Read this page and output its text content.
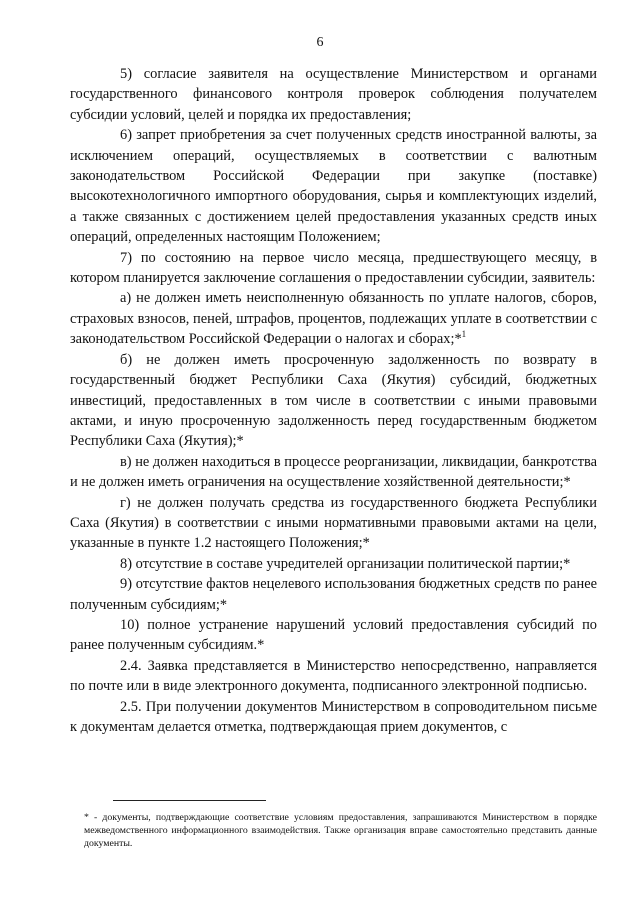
6

5) согласие заявителя на осуществление Министерством и органами государственного финансового контроля проверок соблюдения получателем субсидии условий, целей и порядка их предоставления;

6) запрет приобретения за счет полученных средств иностранной валюты, за исключением операций, осуществляемых в соответствии с валютным законодательством Российской Федерации при закупке (поставке) высокотехнологичного импортного оборудования, сырья и комплектующих изделий, а также связанных с достижением целей предоставления указанных средств иных операций, определенных настоящим Положением;

7) по состоянию на первое число месяца, предшествующего месяцу, в котором планируется заключение соглашения о предоставлении субсидии, заявитель:

а) не должен иметь неисполненную обязанность по уплате налогов, сборов, страховых взносов, пеней, штрафов, процентов, подлежащих уплате в соответствии с законодательством Российской Федерации о налогах и сборах;*$^1$

б) не должен иметь просроченную задолженность по возврату в государственный бюджет Республики Саха (Якутия) субсидий, бюджетных инвестиций, предоставленных в том числе в соответствии с иными правовыми актами, и иную просроченную задолженность перед государственным бюджетом Республики Саха (Якутия);*

в) не должен находиться в процессе реорганизации, ликвидации, банкротства и не должен иметь ограничения на осуществление хозяйственной деятельности;*

г) не должен получать средства из государственного бюджета Республики Саха (Якутия) в соответствии с иными нормативными правовыми актами на цели, указанные в пункте 1.2 настоящего Положения;*

8) отсутствие в составе учредителей организации политической партии;*

9) отсутствие фактов нецелевого использования бюджетных средств по ранее полученным субсидиям;*

10) полное устранение нарушений условий предоставления субсидий по ранее полученным субсидиям.*

2.4. Заявка представляется в Министерство непосредственно, направляется по почте или в виде электронного документа, подписанного электронной подписью.

2.5. При получении документов Министерством в сопроводительном письме к документам делается отметка, подтверждающая прием документов, с

* - документы, подтверждающие соответствие условиям предоставления, запрашиваются Министерством в порядке межведомственного информационного взаимодействия. Также организация вправе самостоятельно представить данные документы.
